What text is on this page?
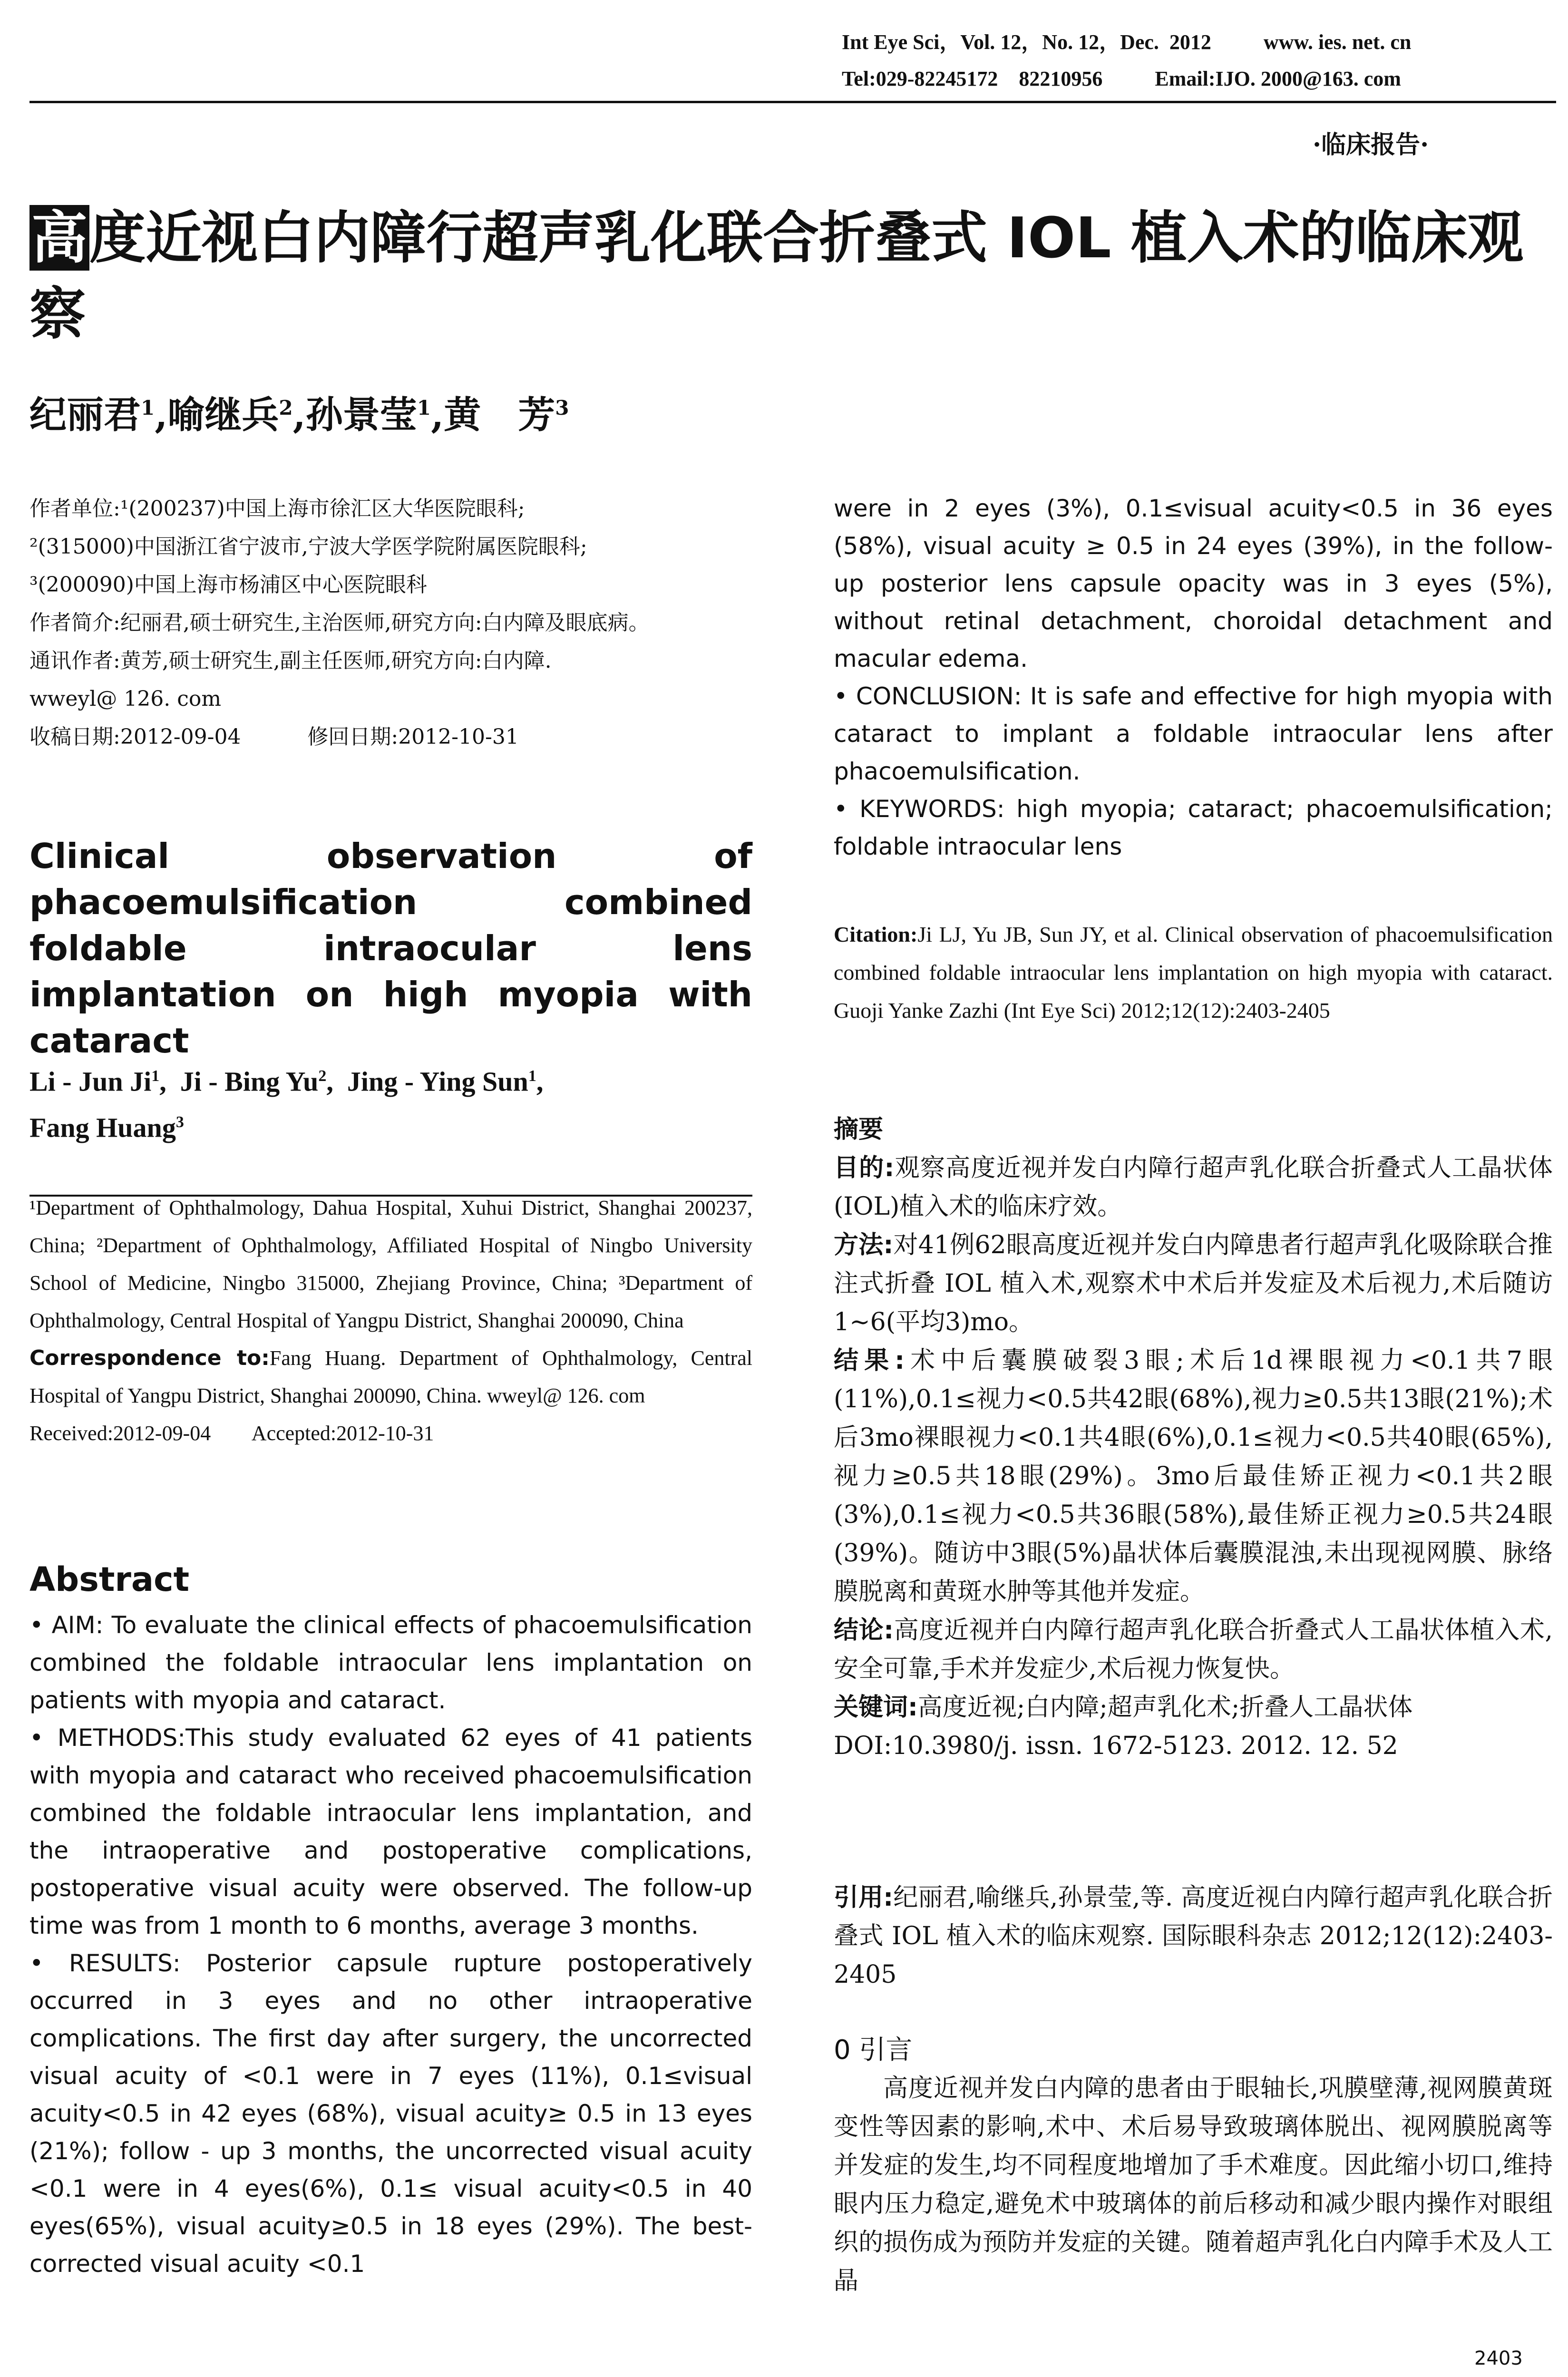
Int Eye Sci，Vol. 12，No. 12，Dec.  2012          www. ies. net. cn
Tel:029-82245172    82210956          Email:IJO. 2000@163. com
·临床报告·
高度近视白内障行超声乳化联合折叠式 IOL 植入术的临床观察
纪丽君$^1$,喻继兵$^2$,孙景莹$^1$,黄　芳$^3$
作者单位:¹(200237)中国上海市徐汇区大华医院眼科;
²(315000)中国浙江省宁波市,宁波大学医学院附属医院眼科;
³(200090)中国上海市杨浦区中心医院眼科
作者简介:纪丽君,硕士研究生,主治医师,研究方向:白内障及眼底病。
通讯作者:黄芳,硕士研究生,副主任医师,研究方向:白内障.
wweyl@ 126. com
收稿日期:2012-09-04          修回日期:2012-10-31
Clinical observation of phacoemulsification combined foldable intraocular lens implantation on high myopia with cataract
Li - Jun Ji$^1$,  Ji - Bing Yu$^2$,  Jing - Ying Sun$^1$,
Fang Huang$^3$
¹Department of Ophthalmology, Dahua Hospital, Xuhui District, Shanghai 200237, China; ²Department of Ophthalmology, Affiliated Hospital of Ningbo University School of Medicine, Ningbo 315000, Zhejiang Province, China; ³Department of Ophthalmology, Central Hospital of Yangpu District, Shanghai 200090, China
Correspondence to:Fang Huang. Department of Ophthalmology, Central Hospital of Yangpu District, Shanghai 200090, China. wweyl@ 126. com
Received:2012-09-04        Accepted:2012-10-31
Abstract
• AIM: To evaluate the clinical effects of phacoemulsification combined the foldable intraocular lens implantation on patients with myopia and cataract.
• METHODS:This study evaluated 62 eyes of 41 patients with myopia and cataract who received phacoemulsification combined the foldable intraocular lens implantation, and the intraoperative and postoperative complications, postoperative visual acuity were observed. The follow-up time was from 1 month to 6 months, average 3 months.
• RESULTS: Posterior capsule rupture postoperatively occurred in 3 eyes and no other intraoperative complications. The first day after surgery, the uncorrected visual acuity of <0.1 were in 7 eyes (11%), 0.1≤visual acuity<0.5 in 42 eyes (68%), visual acuity≥ 0.5 in 13 eyes (21%); follow - up 3 months, the uncorrected visual acuity <0.1 were in 4 eyes(6%), 0.1≤ visual acuity<0.5 in 40 eyes(65%), visual acuity≥0.5 in 18 eyes (29%). The best-corrected visual acuity <0.1
were in 2 eyes (3%), 0.1≤visual acuity<0.5 in 36 eyes (58%), visual acuity ≥ 0.5 in 24 eyes (39%), in the follow- up posterior lens capsule opacity was in 3 eyes (5%), without retinal detachment, choroidal detachment and macular edema.
• CONCLUSION: It is safe and effective for high myopia with cataract to implant a foldable intraocular lens after phacoemulsification.
• KEYWORDS: high myopia; cataract; phacoemulsification; foldable intraocular lens
Citation:Ji LJ, Yu JB, Sun JY, et al. Clinical observation of phacoemulsification combined foldable intraocular lens implantation on high myopia with cataract. Guoji Yanke Zazhi (Int Eye Sci) 2012;12(12):2403-2405
摘要
目的:观察高度近视并发白内障行超声乳化联合折叠式人工晶状体(IOL)植入术的临床疗效。
方法:对41例62眼高度近视并发白内障患者行超声乳化吸除联合推注式折叠 IOL 植入术,观察术中术后并发症及术后视力,术后随访1~6(平均3)mo。
结果:术中后囊膜破裂3眼;术后1d裸眼视力<0.1共7眼(11%),0.1≤视力<0.5共42眼(68%),视力≥0.5共13眼(21%);术后3mo裸眼视力<0.1共4眼(6%),0.1≤视力<0.5共40眼(65%),视力≥0.5共18眼(29%)。3mo后最佳矫正视力<0.1共2眼(3%),0.1≤视力<0.5共36眼(58%),最佳矫正视力≥0.5共24眼(39%)。随访中3眼(5%)晶状体后囊膜混浊,未出现视网膜、脉络膜脱离和黄斑水肿等其他并发症。
结论:高度近视并白内障行超声乳化联合折叠式人工晶状体植入术,安全可靠,手术并发症少,术后视力恢复快。
关键词:高度近视;白内障;超声乳化术;折叠人工晶状体
DOI:10.3980/j. issn. 1672-5123. 2012. 12. 52
引用:纪丽君,喻继兵,孙景莹,等. 高度近视白内障行超声乳化联合折叠式 IOL 植入术的临床观察. 国际眼科杂志 2012;12(12):2403-2405
0 引言
高度近视并发白内障的患者由于眼轴长,巩膜壁薄,视网膜黄斑变性等因素的影响,术中、术后易导致玻璃体脱出、视网膜脱离等并发症的发生,均不同程度地增加了手术难度。因此缩小切口,维持眼内压力稳定,避免术中玻璃体的前后移动和减少眼内操作对眼组织的损伤成为预防并发症的关键。随着超声乳化白内障手术及人工晶
2403
